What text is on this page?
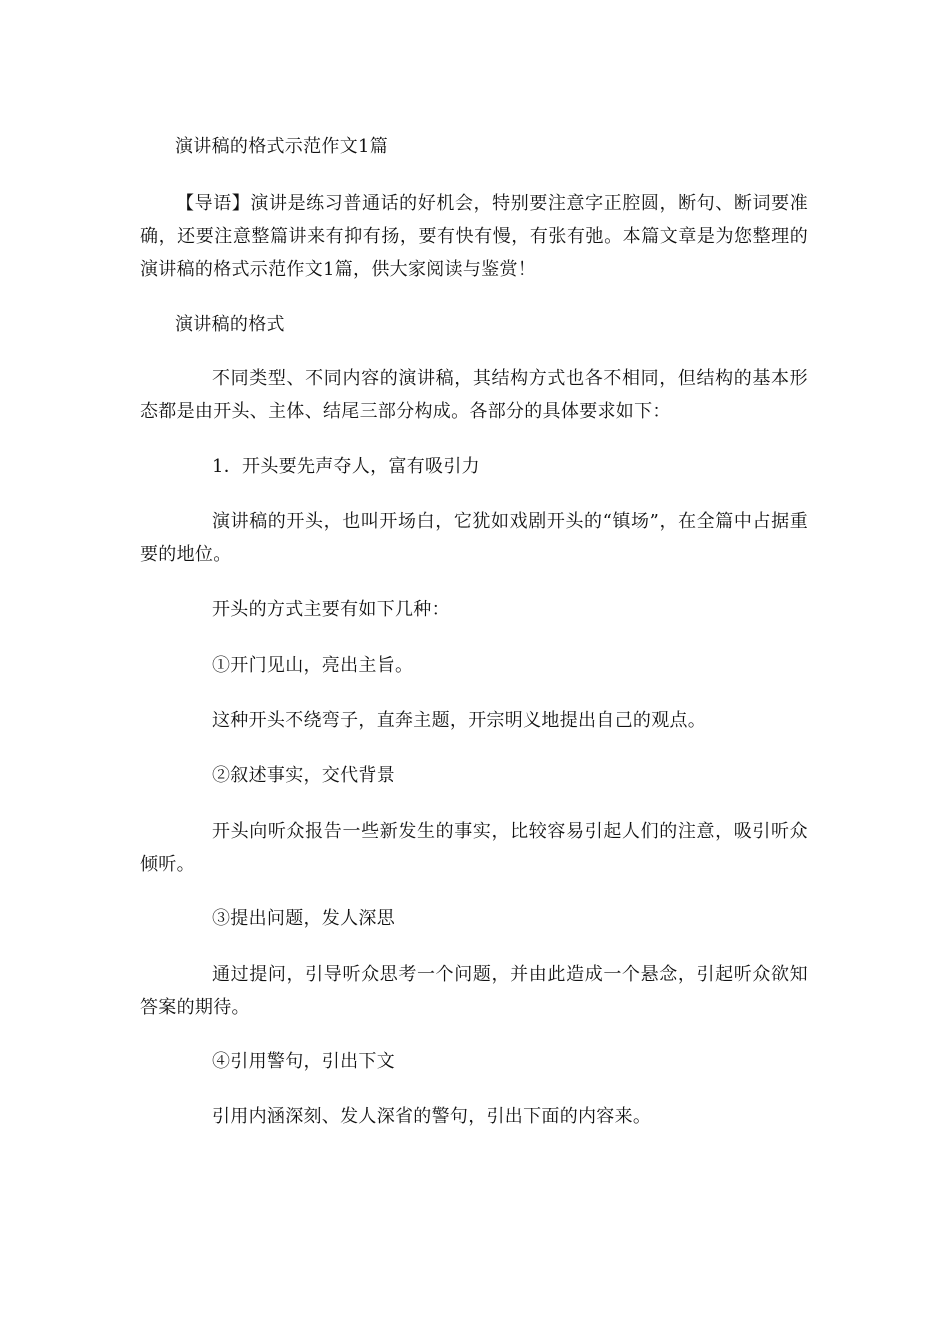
演讲稿的格式示范作文1篇
【导语】演讲是练习普通话的好机会，特别要注意字正腔圆，断句、断词要准确，还要注意整篇讲来有抑有扬，要有快有慢，有张有弛。本篇文章是为您整理的演讲稿的格式示范作文1篇，供大家阅读与鉴赏！
演讲稿的格式
不同类型、不同内容的演讲稿，其结构方式也各不相同，但结构的基本形态都是由开头、主体、结尾三部分构成。各部分的具体要求如下：
1．开头要先声夺人，富有吸引力
演讲稿的开头，也叫开场白，它犹如戏剧开头的“镇场”，在全篇中占据重要的地位。
开头的方式主要有如下几种：
①开门见山，亮出主旨。
这种开头不绕弯子，直奔主题，开宗明义地提出自己的观点。
②叙述事实，交代背景
开头向听众报告一些新发生的事实，比较容易引起人们的注意，吸引听众倾听。
③提出问题，发人深思
通过提问，引导听众思考一个问题，并由此造成一个悬念，引起听众欲知答案的期待。
④引用警句，引出下文
引用内涵深刻、发人深省的警句，引出下面的内容来。
